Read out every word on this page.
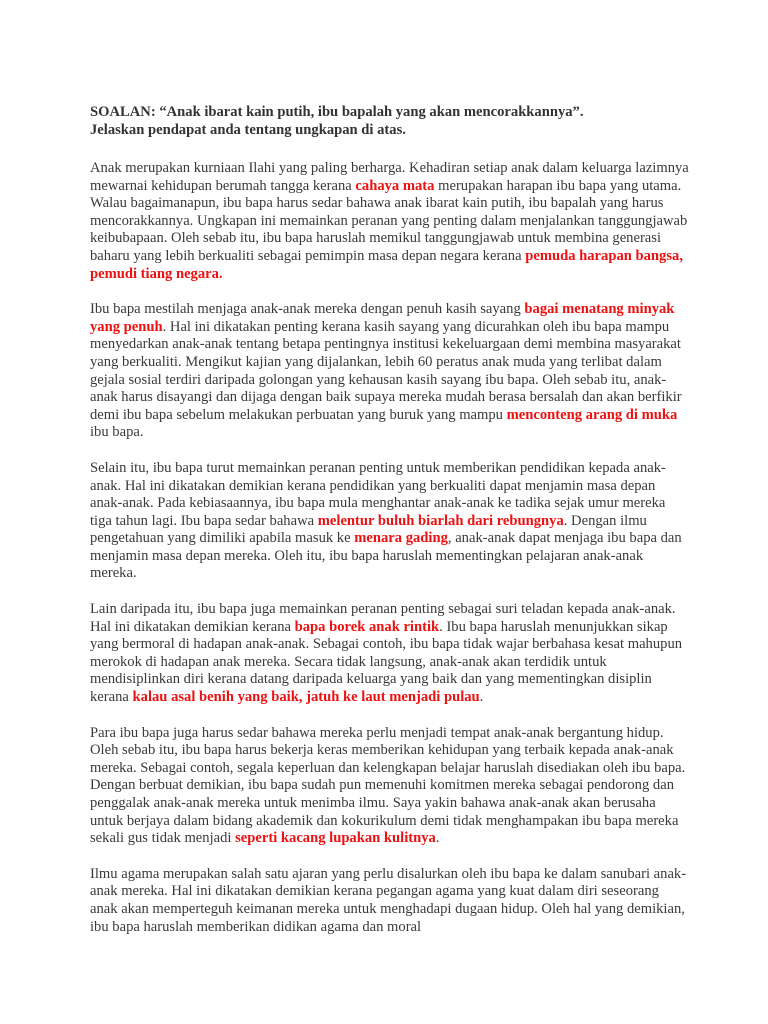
SOALAN: “Anak ibarat kain putih, ibu bapalah yang akan mencorakkannya”.
Jelaskan pendapat anda tentang ungkapan di atas.

Anak merupakan kurniaan Ilahi yang paling berharga. Kehadiran setiap anak dalam keluarga lazimnya mewarnai kehidupan berumah tangga kerana cahaya mata merupakan harapan ibu bapa yang utama. Walau bagaimanapun, ibu bapa harus sedar bahawa anak ibarat kain putih, ibu bapalah yang harus mencorakkannya. Ungkapan ini memainkan peranan yang penting dalam menjalankan tanggungjawab keibubapaan. Oleh sebab itu, ibu bapa haruslah memikul tanggungjawab untuk membina generasi baharu yang lebih berkualiti sebagai pemimpin masa depan negara kerana pemuda harapan bangsa, pemudi tiang negara.

Ibu bapa mestilah menjaga anak-anak mereka dengan penuh kasih sayang bagai menatang minyak yang penuh. Hal ini dikatakan penting kerana kasih sayang yang dicurahkan oleh ibu bapa mampu menyedarkan anak-anak tentang betapa pentingnya institusi kekeluargaan demi membina masyarakat yang berkualiti. Mengikut kajian yang dijalankan, lebih 60 peratus anak muda yang terlibat dalam gejala sosial terdiri daripada golongan yang kehausan kasih sayang ibu bapa. Oleh sebab itu, anak-anak harus disayangi dan dijaga dengan baik supaya mereka mudah berasa bersalah dan akan berfikir demi ibu bapa sebelum melakukan perbuatan yang buruk yang mampu menconteng arang di muka ibu bapa.

Selain itu, ibu bapa turut memainkan peranan penting untuk memberikan pendidikan kepada anak-anak. Hal ini dikatakan demikian kerana pendidikan yang berkualiti dapat menjamin masa depan anak-anak. Pada kebiasaannya, ibu bapa mula menghantar anak-anak ke tadika sejak umur mereka tiga tahun lagi. Ibu bapa sedar bahawa melentur buluh biarlah dari rebungnya. Dengan ilmu pengetahuan yang dimiliki apabila masuk ke menara gading, anak-anak dapat menjaga ibu bapa dan menjamin masa depan mereka. Oleh itu, ibu bapa haruslah mementingkan pelajaran anak-anak mereka.

Lain daripada itu, ibu bapa juga memainkan peranan penting sebagai suri teladan kepada anak-anak. Hal ini dikatakan demikian kerana bapa borek anak rintik. Ibu bapa haruslah menunjukkan sikap yang bermoral di hadapan anak-anak. Sebagai contoh, ibu bapa tidak wajar berbahasa kesat mahupun merokok di hadapan anak mereka. Secara tidak langsung, anak-anak akan terdidik untuk mendisiplinkan diri kerana datang daripada keluarga yang baik dan yang mementingkan disiplin kerana kalau asal benih yang baik, jatuh ke laut menjadi pulau.

Para ibu bapa juga harus sedar bahawa mereka perlu menjadi tempat anak-anak bergantung hidup. Oleh sebab itu, ibu bapa harus bekerja keras memberikan kehidupan yang terbaik kepada anak-anak mereka. Sebagai contoh, segala keperluan dan kelengkapan belajar haruslah disediakan oleh ibu bapa. Dengan berbuat demikian, ibu bapa sudah pun memenuhi komitmen mereka sebagai pendorong dan penggalak anak-anak mereka untuk menimba ilmu. Saya yakin bahawa anak-anak akan berusaha untuk berjaya dalam bidang akademik dan kokurikulum demi tidak menghampakan ibu bapa mereka sekali gus tidak menjadi seperti kacang lupakan kulitnya.

Ilmu agama merupakan salah satu ajaran yang perlu disalurkan oleh ibu bapa ke dalam sanubari anak-anak mereka. Hal ini dikatakan demikian kerana pegangan agama yang kuat dalam diri seseorang anak akan memperteguh keimanan mereka untuk menghadapi dugaan hidup. Oleh hal yang demikian, ibu bapa haruslah memberikan didikan agama dan moral
